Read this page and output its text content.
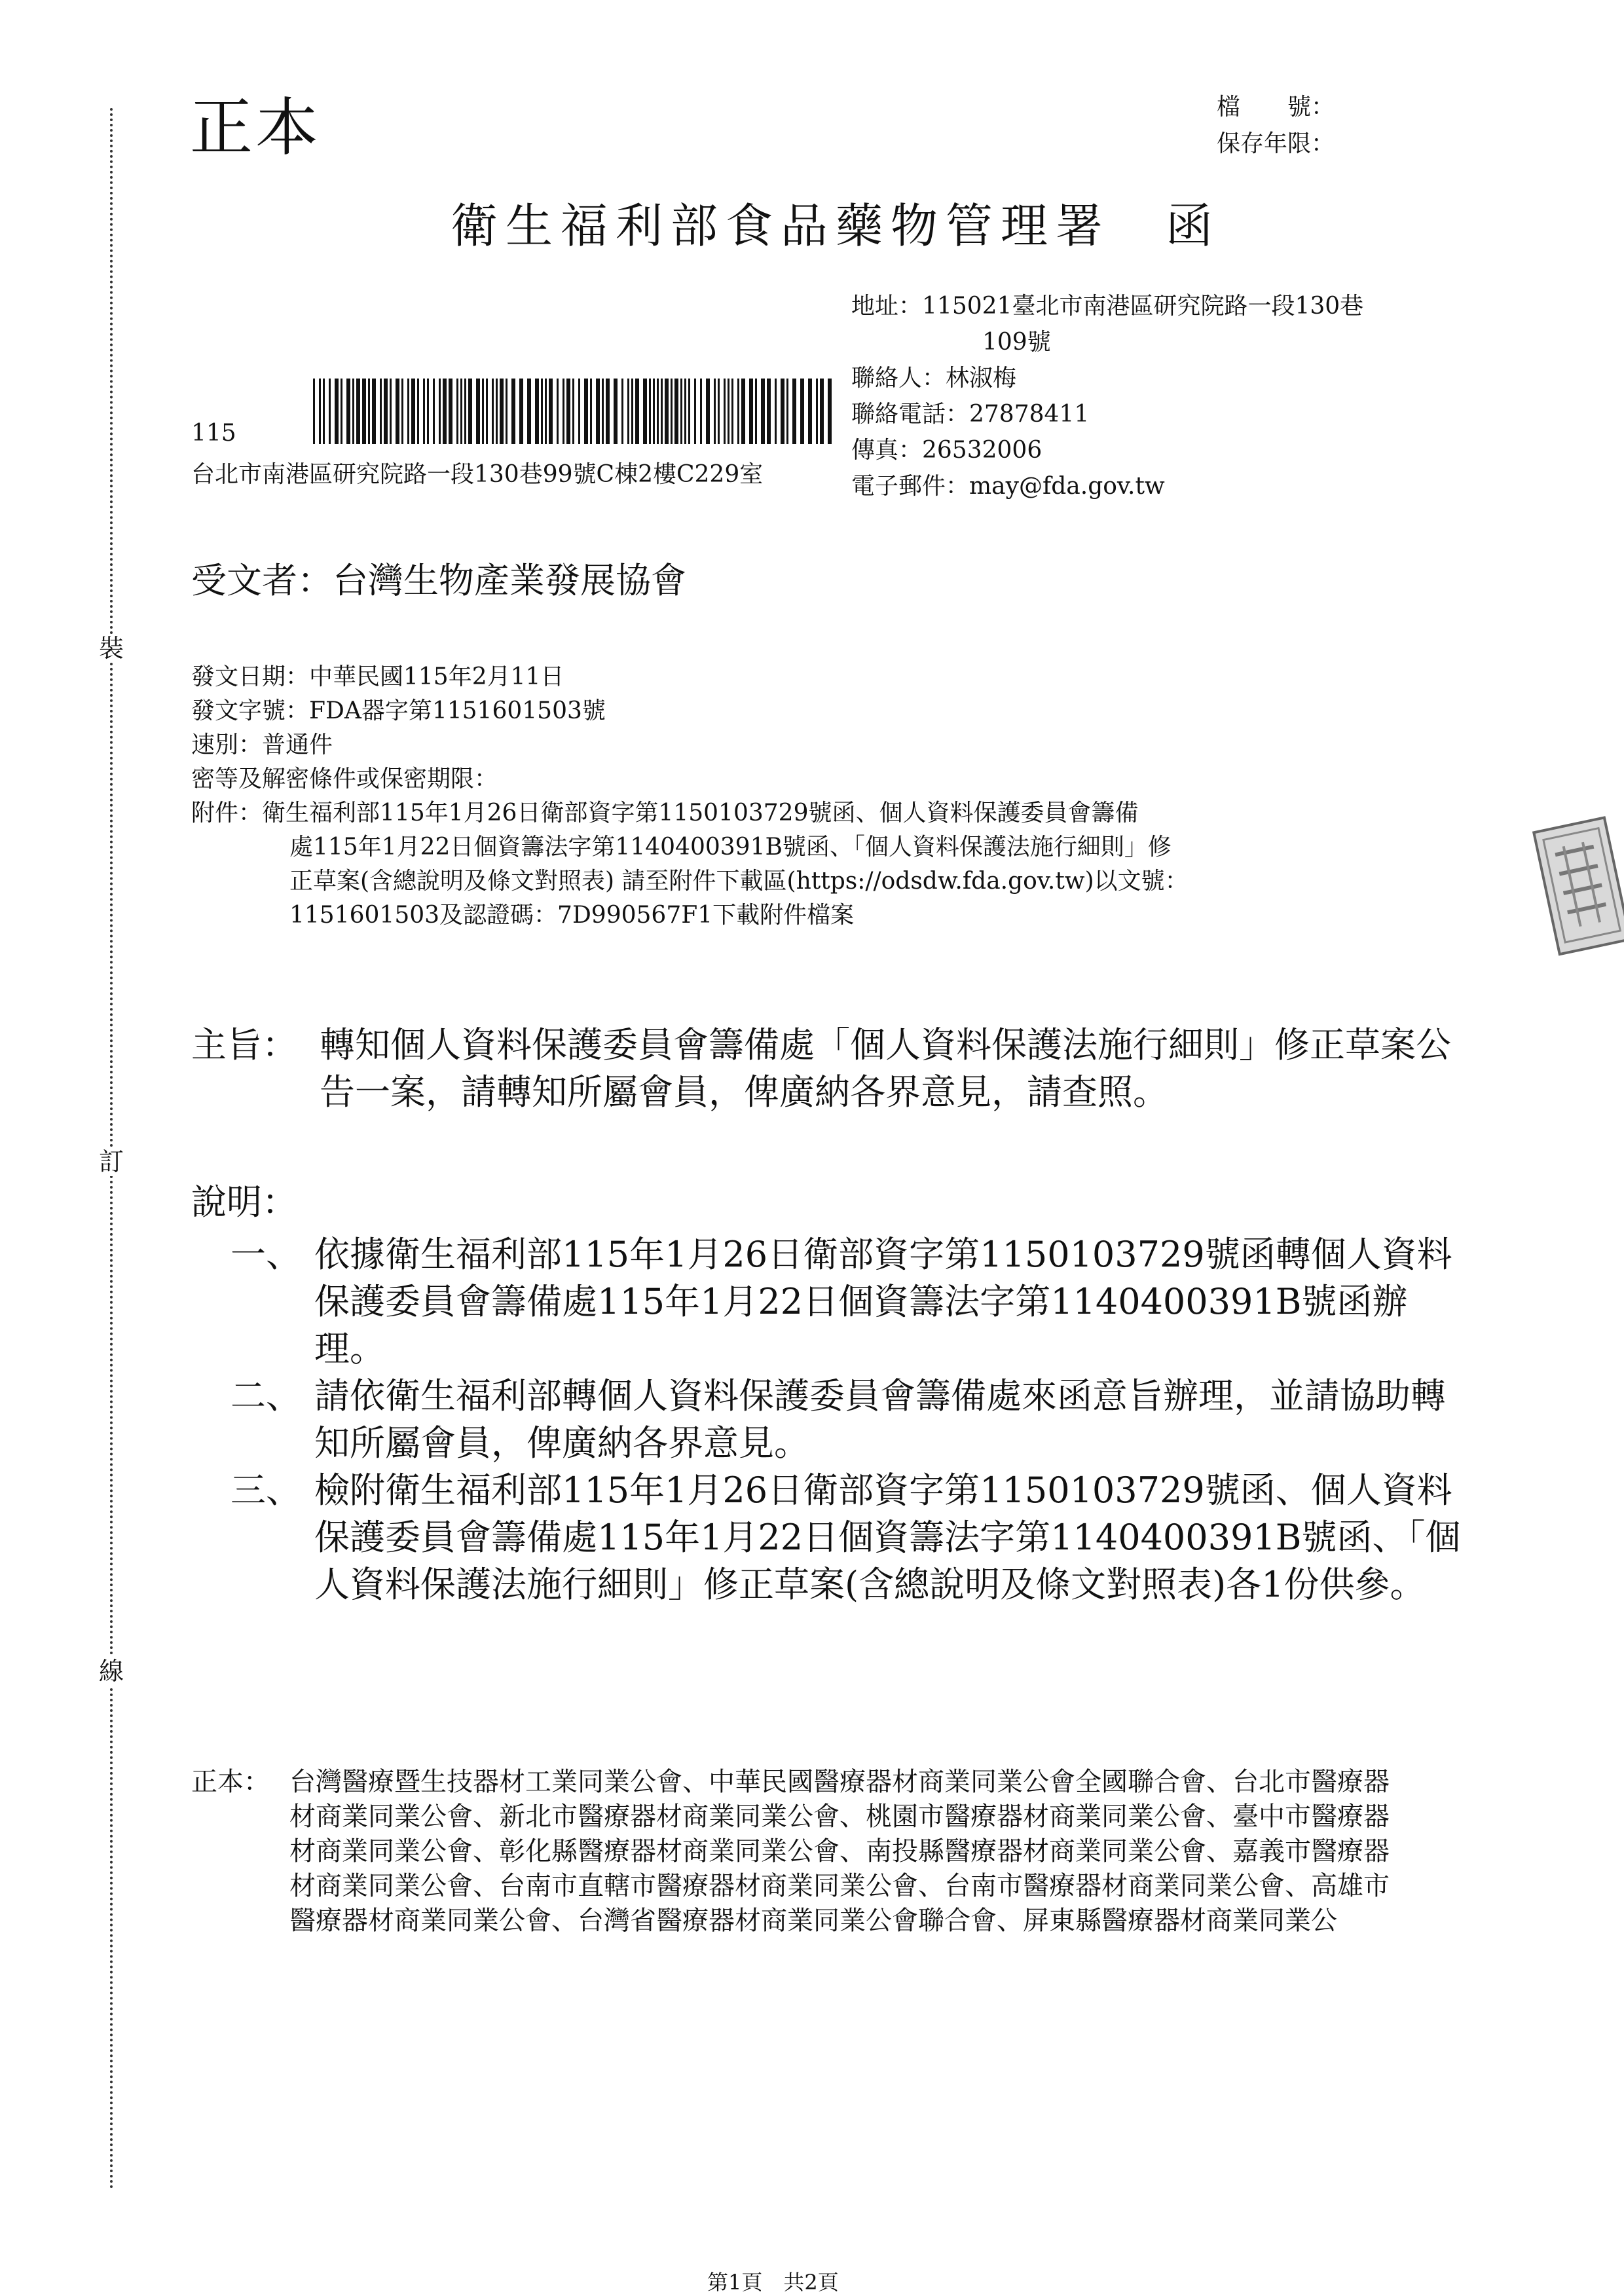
裝
訂
線
正本	檔　　號：
保存年限：
衛生福利部食品藥物管理署　函
地址：115021臺北市南港區研究院路一段130巷
109號
聯絡人：林淑梅
聯絡電話：27878411
傳真：26532006
電子郵件：may@fda.gov.tw
115
台北市南港區研究院路一段130巷99號C棟2樓C229室
受文者：台灣生物產業發展協會
發文日期：中華民國115年2月11日
發文字號：FDA器字第1151601503號
速別：普通件
密等及解密條件或保密期限：
附件：衛生福利部115年1月26日衛部資字第1150103729號函、個人資料保護委員會籌備
處115年1月22日個資籌法字第1140400391B號函、「個人資料保護法施行細則」修
正草案(含總說明及條文對照表) 請至附件下載區(https://odsdw.fda.gov.tw)以文號：
1151601503及認證碼：7D990567F1下載附件檔案
主旨： 轉知個人資料保護委員會籌備處「個人資料保護法施行細則」修正草案公告一案，請轉知所屬會員，俾廣納各界意見，請查照。
說明：
一、 依據衛生福利部115年1月26日衛部資字第1150103729號函轉個人資料保護委員會籌備處115年1月22日個資籌法字第1140400391B號函辦理。
二、 請依衛生福利部轉個人資料保護委員會籌備處來函意旨辦理，並請協助轉知所屬會員，俾廣納各界意見。
三、 檢附衛生福利部115年1月26日衛部資字第1150103729號函、個人資料保護委員會籌備處115年1月22日個資籌法字第1140400391B號函、「個人資料保護法施行細則」修正草案(含總說明及條文對照表)各1份供參。
正本： 台灣醫療暨生技器材工業同業公會、中華民國醫療器材商業同業公會全國聯合會、台北市醫療器材商業同業公會、新北市醫療器材商業同業公會、桃園市醫療器材商業同業公會、臺中市醫療器材商業同業公會、彰化縣醫療器材商業同業公會、南投縣醫療器材商業同業公會、嘉義市醫療器材商業同業公會、台南市直轄市醫療器材商業同業公會、台南市醫療器材商業同業公會、高雄市醫療器材商業同業公會、台灣省醫療器材商業同業公會聯合會、屏東縣醫療器材商業同業公
第1頁　共2頁
